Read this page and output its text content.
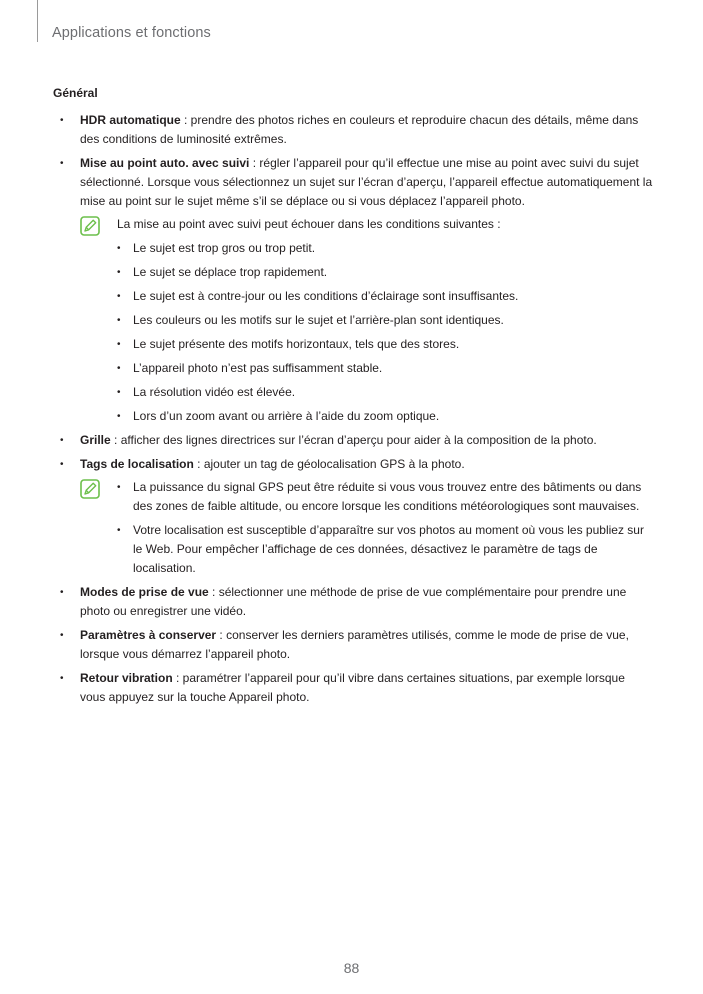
Applications et fonctions
Général
• HDR automatique : prendre des photos riches en couleurs et reproduire chacun des détails, même dans des conditions de luminosité extrêmes.
• Mise au point auto. avec suivi : régler l’appareil pour qu’il effectue une mise au point avec suivi du sujet sélectionné. Lorsque vous sélectionnez un sujet sur l’écran d’aperçu, l’appareil effectue automatiquement la mise au point sur le sujet même s’il se déplace ou si vous déplacez l’appareil photo.
La mise au point avec suivi peut échouer dans les conditions suivantes :
• Le sujet est trop gros ou trop petit.
• Le sujet se déplace trop rapidement.
• Le sujet est à contre-jour ou les conditions d’éclairage sont insuffisantes.
• Les couleurs ou les motifs sur le sujet et l’arrière-plan sont identiques.
• Le sujet présente des motifs horizontaux, tels que des stores.
• L’appareil photo n’est pas suffisamment stable.
• La résolution vidéo est élevée.
• Lors d’un zoom avant ou arrière à l’aide du zoom optique.
• Grille : afficher des lignes directrices sur l’écran d’aperçu pour aider à la composition de la photo.
• Tags de localisation : ajouter un tag de géolocalisation GPS à la photo.
• La puissance du signal GPS peut être réduite si vous vous trouvez entre des bâtiments ou dans des zones de faible altitude, ou encore lorsque les conditions météorologiques sont mauvaises.
• Votre localisation est susceptible d’apparaître sur vos photos au moment où vous les publiez sur le Web. Pour empêcher l’affichage de ces données, désactivez le paramètre de tags de localisation.
• Modes de prise de vue : sélectionner une méthode de prise de vue complémentaire pour prendre une photo ou enregistrer une vidéo.
• Paramètres à conserver : conserver les derniers paramètres utilisés, comme le mode de prise de vue, lorsque vous démarrez l’appareil photo.
• Retour vibration : paramétrer l’appareil pour qu’il vibre dans certaines situations, par exemple lorsque vous appuyez sur la touche Appareil photo.
88
